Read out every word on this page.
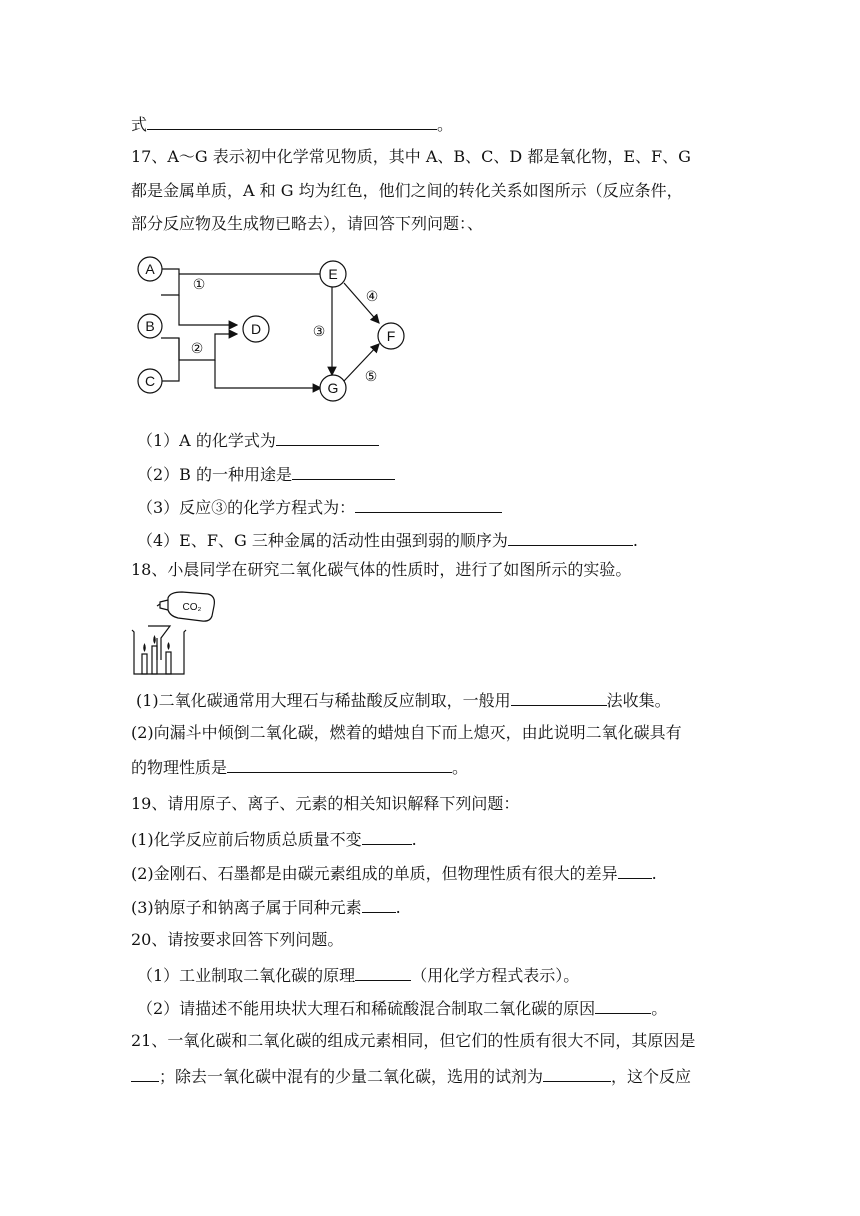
式	。
17、A～G 表示初中化学常见物质，其中 A、B、C、D 都是氧化物，E、F、G
都是金属单质，A 和 G 均为红色，他们之间的转化关系如图所示（反应条件，
部分反应物及生成物已略去），请回答下列问题：、
A
B
C
D
E
F
G
①
②
③
④
⑤
（1）A 的化学式为
（2）B 的一种用途是
（3）反应③的化学方程式为：
（4）E、F、G 三种金属的活动性由强到弱的顺序为	.
18、小晨同学在研究二氧化碳气体的性质时，进行了如图所示的实验。
CO₂
(1)二氧化碳通常用大理石与稀盐酸反应制取，一般用	法收集。
(2)向漏斗中倾倒二氧化碳，燃着的蜡烛自下而上熄灭，由此说明二氧化碳具有
的物理性质是	。
19、请用原子、离子、元素的相关知识解释下列问题：
(1)化学反应前后物质总质量不变	.
(2)金刚石、石墨都是由碳元素组成的单质，但物理性质有很大的差异 .
(3)钠原子和钠离子属于同种元素 .
20、请按要求回答下列问题。
（1）工业制取二氧化碳的原理	（用化学方程式表示）。
（2）请描述不能用块状大理石和稀硫酸混合制取二氧化碳的原因	。
21、一氧化碳和二氧化碳的组成元素相同，但它们的性质有很大不同，其原因是
；除去一氧化碳中混有的少量二氧化碳，选用的试剂为	，这个反应
